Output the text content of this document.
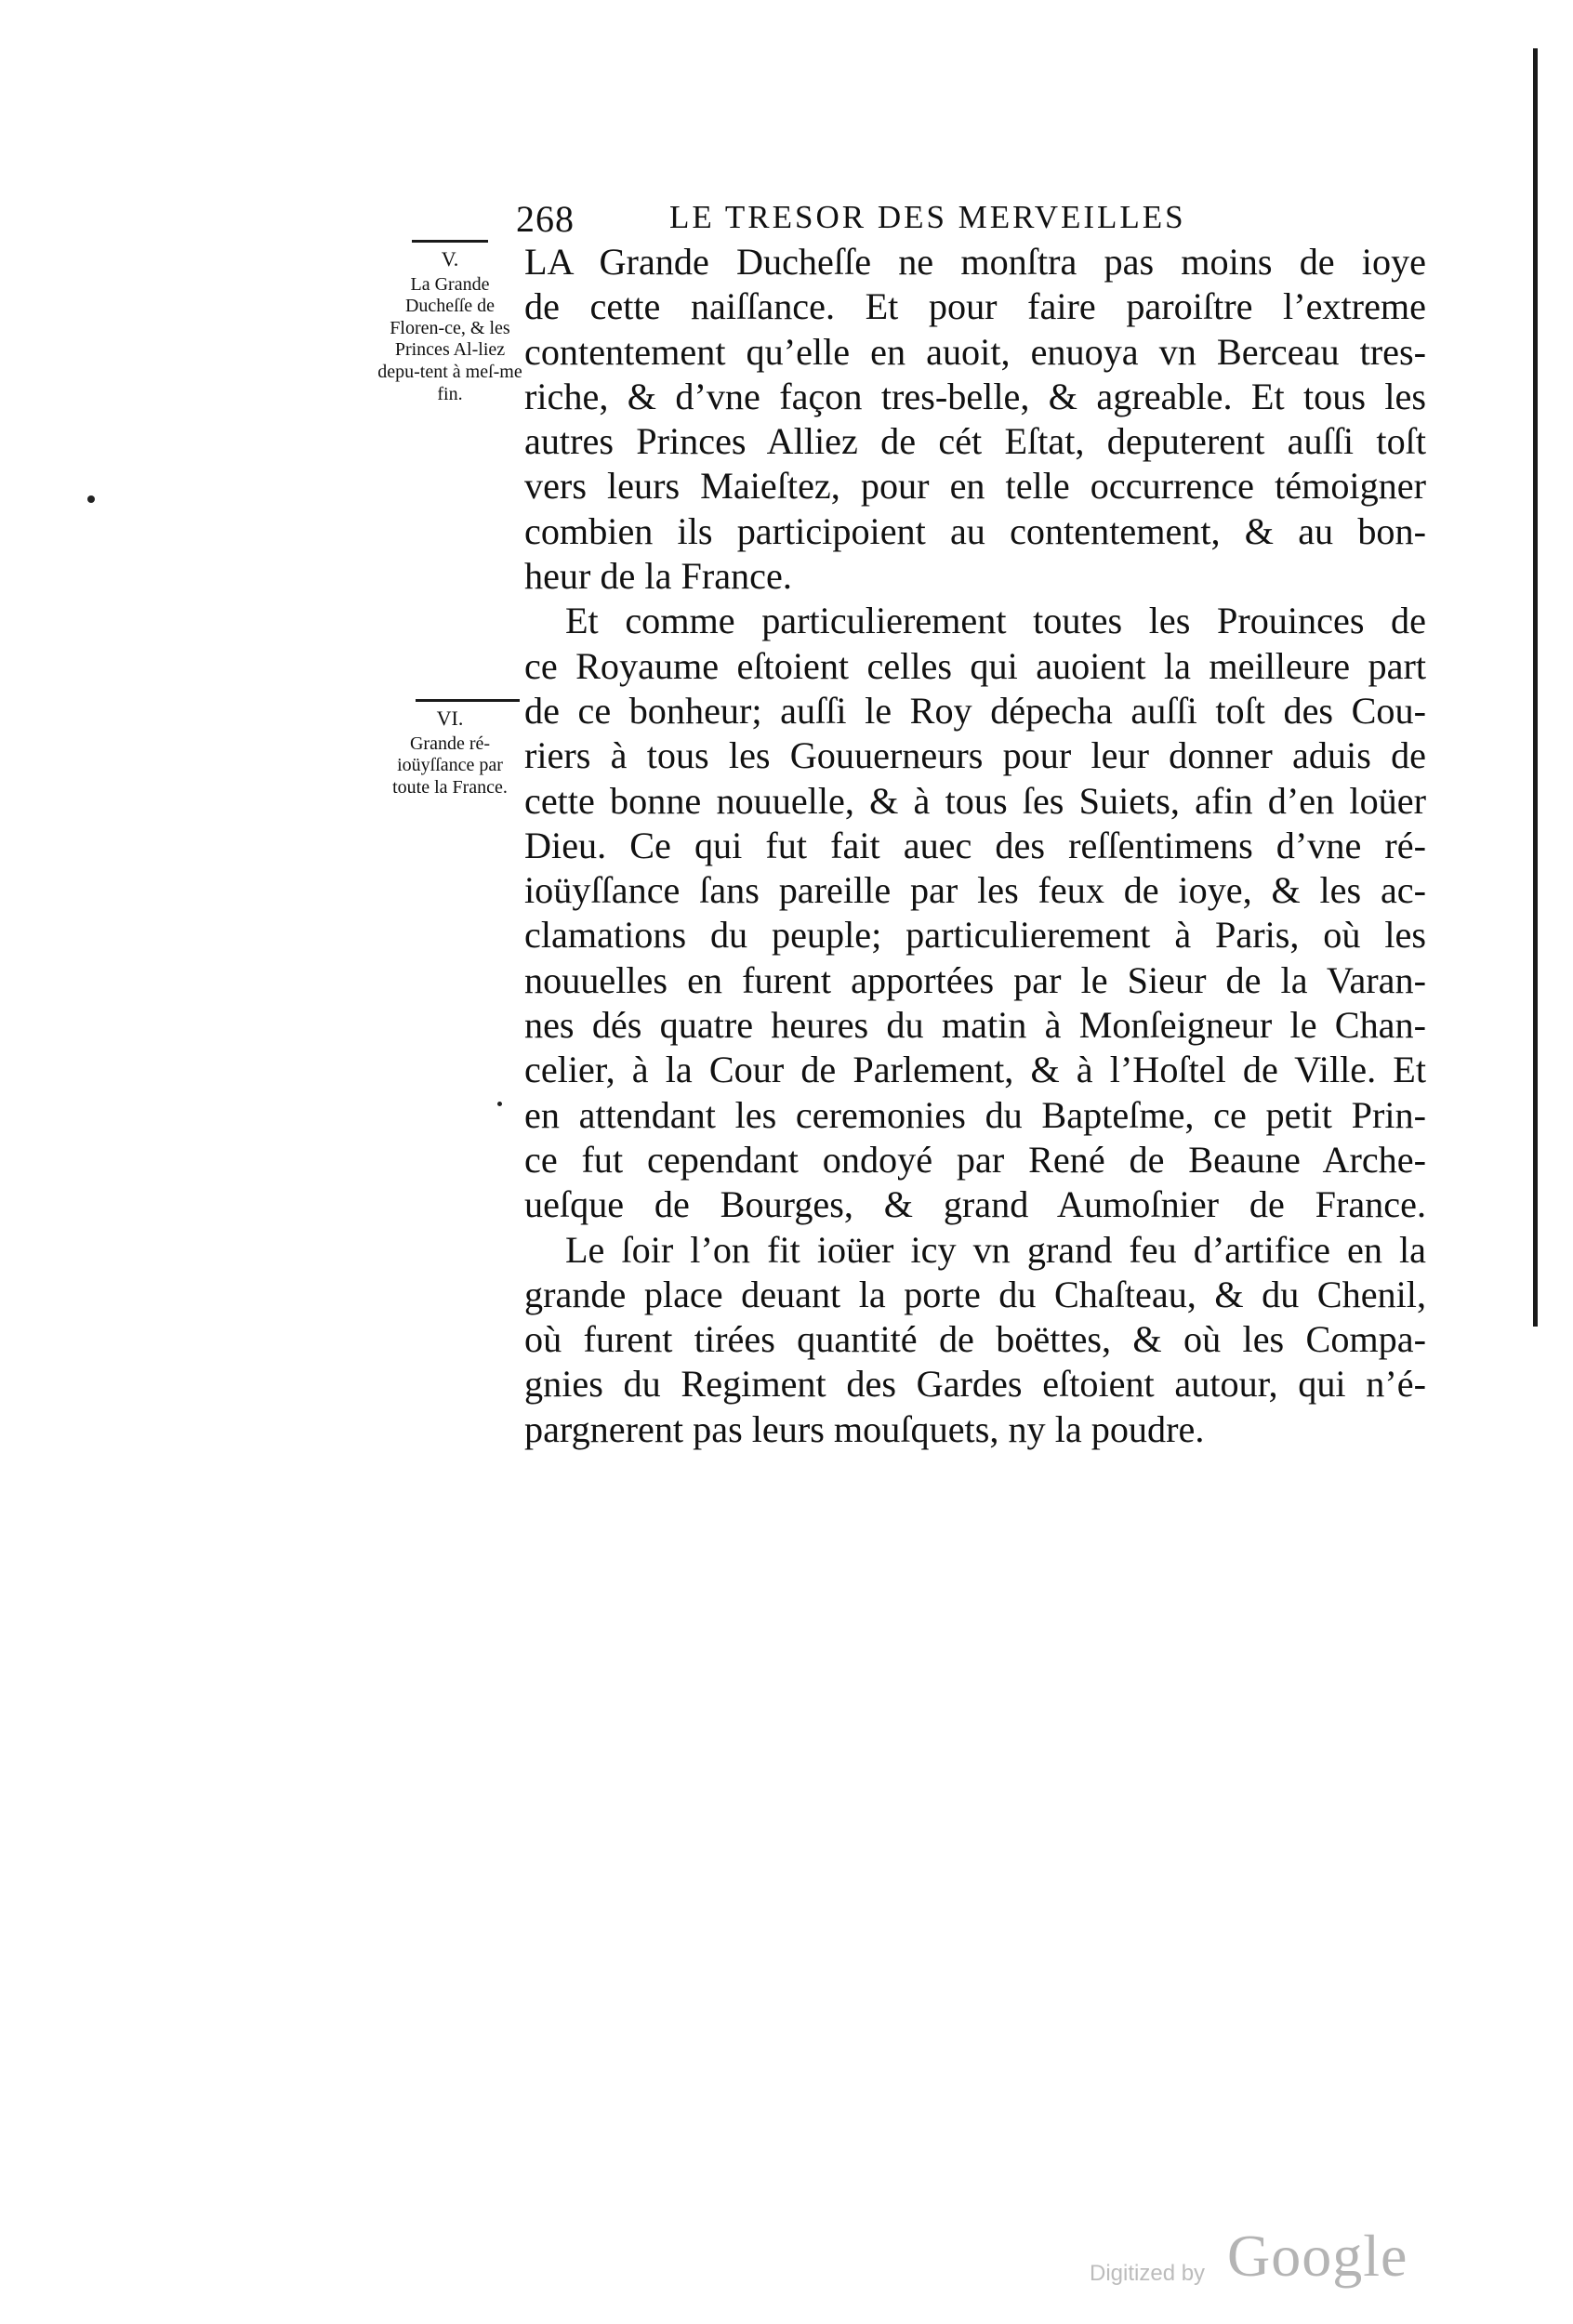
268	LE TRESOR DES MERVEILLES
V.
La Grande Ducheſſe de Floren-ce, & les Princes Al-liez depu-tent à meſ-me fin.
VI.
Grande ré-ioüyſſance par toute la France.

LA Grande Ducheſſe ne monſtra pas moins de ioye
de cette naiſſance. Et pour faire paroiſtre l’extreme
contentement qu’elle en auoit, enuoya vn Berceau tres-
riche, & d’vne façon tres-belle, & agreable. Et tous les
autres Princes Alliez de cét Eſtat, deputerent auſſi toſt
vers leurs Maieſtez, pour en telle occurrence témoigner
combien ils participoient au contentement, & au bon-
heur de la France.

Et comme particulierement toutes les Prouinces de
ce Royaume eſtoient celles qui auoient la meilleure part
de ce bonheur; auſſi le Roy dépecha auſſi toſt des Cou-
riers à tous les Gouuerneurs pour leur donner aduis de
cette bonne nouuelle, & à tous ſes Suiets, afin d’en loüer
Dieu. Ce qui fut fait auec des reſſentimens d’vne ré-
ioüyſſance ſans pareille par les feux de ioye, & les ac-
clamations du peuple; particulierement à Paris, où les
nouuelles en furent apportées par le Sieur de la Varan-
nes dés quatre heures du matin à Monſeigneur le Chan-
celier, à la Cour de Parlement, & à l’Hoſtel de Ville. Et
en attendant les ceremonies du Bapteſme, ce petit Prin-
ce fut cependant ondoyé par René de Beaune Arche-
ueſque de Bourges, & grand Aumoſnier de France.

Le ſoir l’on fit ioüer icy vn grand feu d’artifice en la
grande place deuant la porte du Chaſteau, & du Chenil,
où furent tirées quantité de boëttes, & où les Compa-
gnies du Regiment des Gardes eſtoient autour, qui n’é-
pargnerent pas leurs mouſquets, ny la poudre.

Digitized by Google
